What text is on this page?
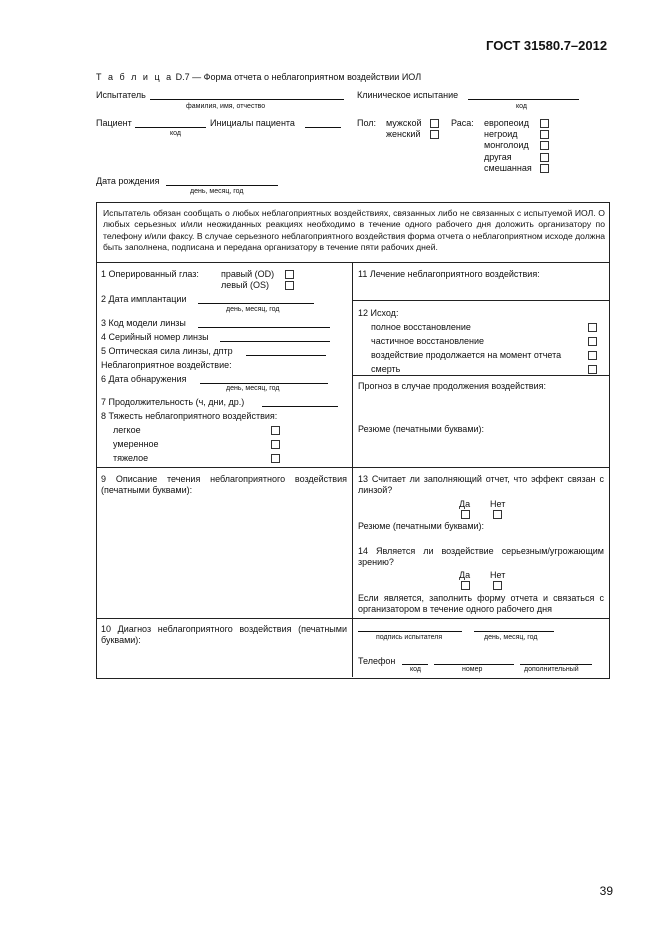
ГОСТ 31580.7–2012
Т а б л и ц а D.7 — Форма отчета о неблагоприятном воздействии ИОЛ
Испытатель
фамилия, имя, отчество
Клиническое испытание
код
Пациент
код
Инициалы пациента	Пол: мужской
женский
Раса: европеоид
негроид
монголоид
другая
смешанная
Дата рождения
день, месяц, год
Испытатель обязан сообщать о любых неблагоприятных воздействиях, связанных либо не связанных с испытуемой ИОЛ. О любых серьезных и/или неожиданных реакциях необходимо в течение одного рабочего дня доложить организатору по телефону и/или факсу. В случае серьезного неблагоприятного воздействия форма отчета о неблагоприятном исходе должна быть заполнена, подписана и передана организатору в течение пяти рабочих дней.
1 Оперированный глаз: правый (OD)
левый (OS)
2 Дата имплантации
день, месяц, год
3 Код модели линзы
4 Серийный номер линзы
5 Оптическая сила линзы, дптр
Неблагоприятное воздействие:
6 Дата обнаружения
день, месяц, год
7 Продолжительность (ч, дни, др.)
8 Тяжесть неблагоприятного воздействия:
легкое
умеренное
тяжелое
9 Описание течения неблагоприятного воздействия (печатными буквами):
10 Диагноз неблагоприятного воздействия (печатными буквами):
11 Лечение неблагоприятного воздействия:
12 Исход:
полное восстановление
частичное восстановление
воздействие продолжается на момент отчета
смерть
Прогноз в случае продолжения воздействия:
Резюме (печатными буквами):
13 Считает ли заполняющий отчет, что эффект связан с линзой?
Да Нет
Резюме (печатными буквами):
14 Является ли воздействие серьезным/угрожающим зрению?
Да Нет
Если является, заполнить форму отчета и связаться с организатором в течение одного рабочего дня
подпись испытателя	день, месяц, год
Телефон
код	номер	дополнительный
39
